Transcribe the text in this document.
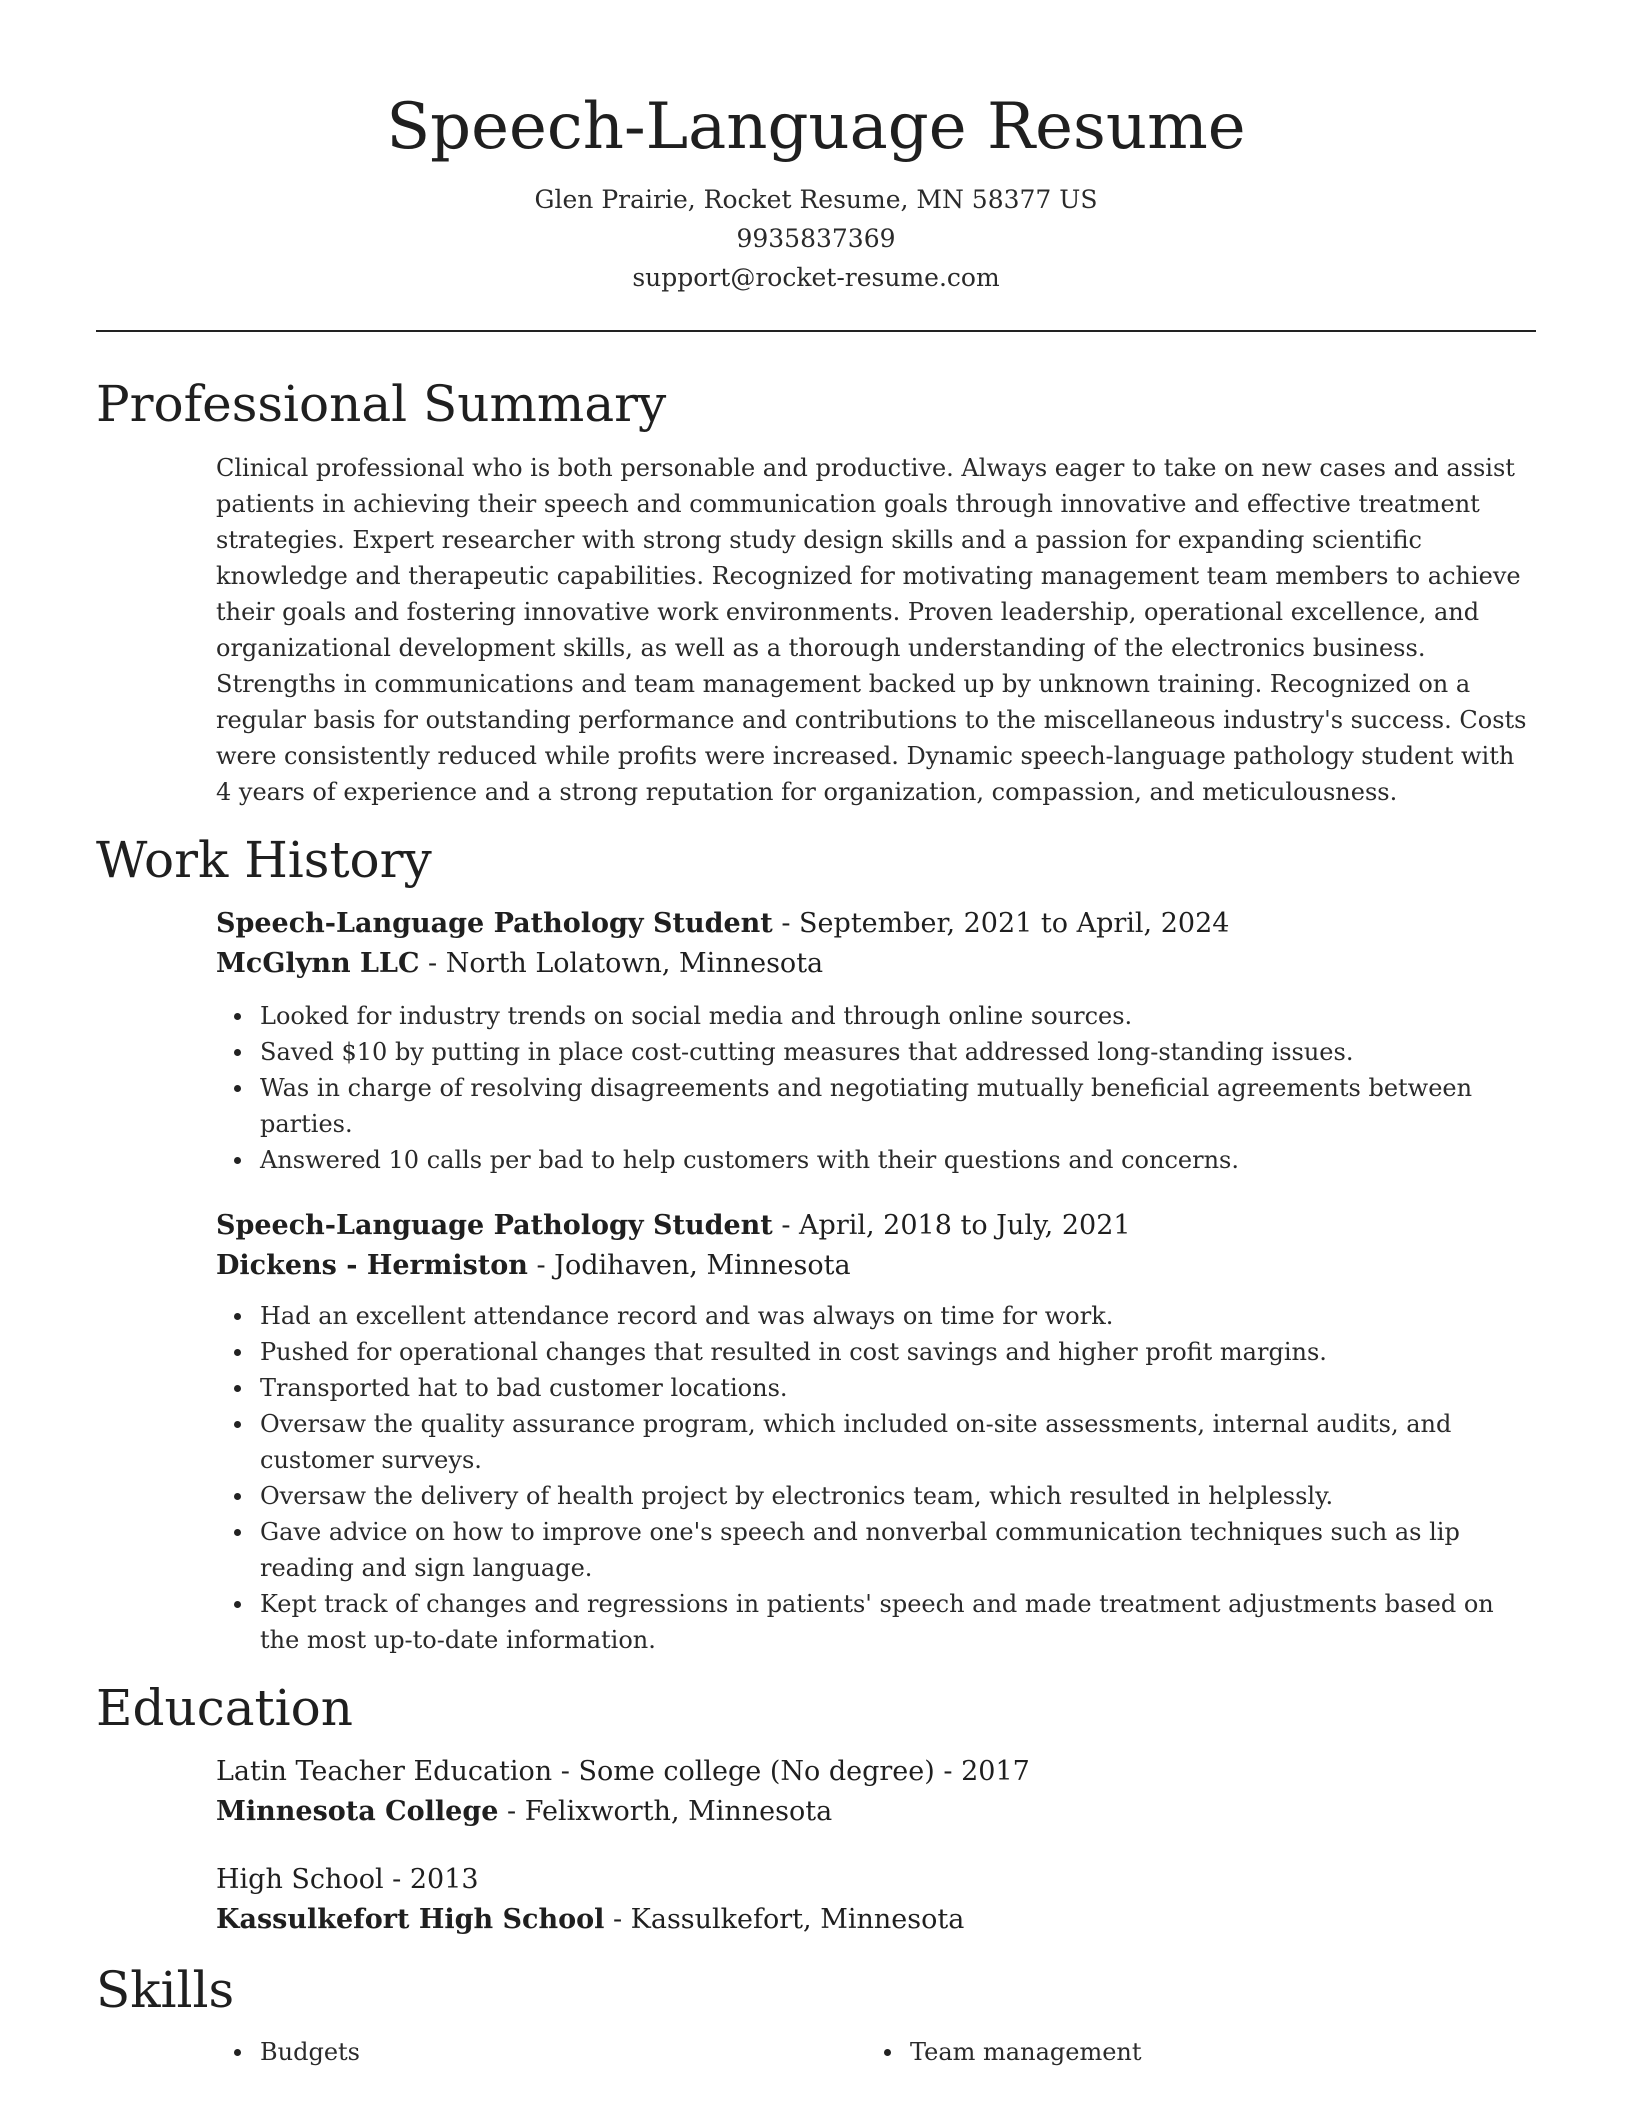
Speech-Language Resume

Glen Prairie, Rocket Resume, MN 58377 US

9935837369

support@rocket-resume.com

Professional Summary

Clinical professional who is both personable and productive. Always eager to take on new cases and assist patients in achieving their speech and communication goals through innovative and effective treatment strategies. Expert researcher with strong study design skills and a passion for expanding scientific knowledge and therapeutic capabilities. Recognized for motivating management team members to achieve their goals and fostering innovative work environments. Proven leadership, operational excellence, and organizational development skills, as well as a thorough understanding of the electronics business. Strengths in communications and team management backed up by unknown training. Recognized on a regular basis for outstanding performance and contributions to the miscellaneous industry's success. Costs were consistently reduced while profits were increased. Dynamic speech-language pathology student with 4 years of experience and a strong reputation for organization, compassion, and meticulousness.

Work History

Speech-Language Pathology Student - September, 2021 to April, 2024

McGlynn LLC - North Lolatown, Minnesota

Looked for industry trends on social media and through online sources.
Saved $10 by putting in place cost-cutting measures that addressed long-standing issues.
Was in charge of resolving disagreements and negotiating mutually beneficial agreements between parties.
Answered 10 calls per bad to help customers with their questions and concerns.

Speech-Language Pathology Student - April, 2018 to July, 2021

Dickens - Hermiston - Jodihaven, Minnesota

Had an excellent attendance record and was always on time for work.
Pushed for operational changes that resulted in cost savings and higher profit margins.
Transported hat to bad customer locations.
Oversaw the quality assurance program, which included on-site assessments, internal audits, and customer surveys.
Oversaw the delivery of health project by electronics team, which resulted in helplessly.
Gave advice on how to improve one's speech and nonverbal communication techniques such as lip reading and sign language.
Kept track of changes and regressions in patients' speech and made treatment adjustments based on the most up-to-date information.
Education

Latin Teacher Education - Some college (No degree) - 2017

Minnesota College - Felixworth, Minnesota

High School - 2013

Kassulkefort High School - Kassulkefort, Minnesota

Skills
Budgets	Team management
